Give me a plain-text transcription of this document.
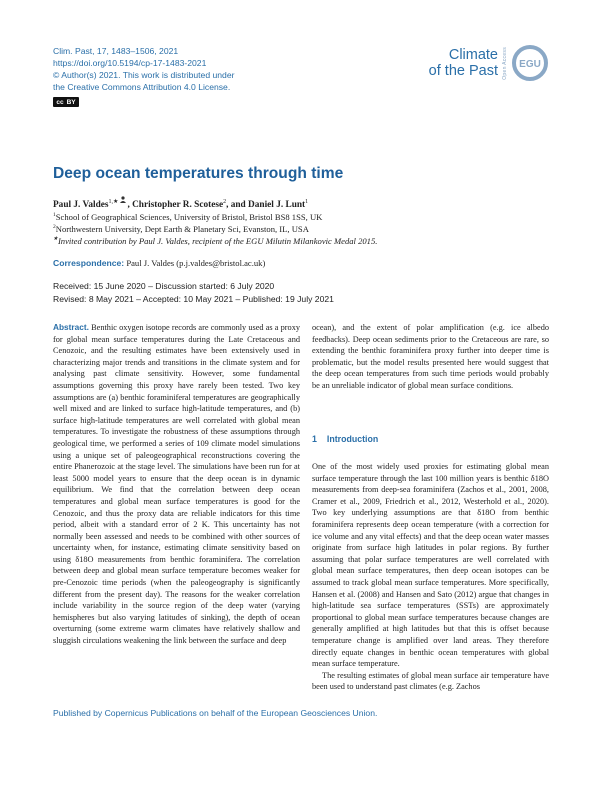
Clim. Past, 17, 1483–1506, 2021
https://doi.org/10.5194/cp-17-1483-2021
© Author(s) 2021. This work is distributed under
the Creative Commons Attribution 4.0 License.
cc BY
Climate
of the Past Open Access EGU
Deep ocean temperatures through time
Paul J. Valdes$^{1,★}$ , Christopher R. Scotese$^2$, and Daniel J. Lunt$^1$
$^1$School of Geographical Sciences, University of Bristol, Bristol BS8 1SS, UK
$^2$Northwestern University, Dept Earth & Planetary Sci, Evanston, IL, USA
★Invited contribution by Paul J. Valdes, recipient of the EGU Milutin Milankovic Medal 2015.
Correspondence: Paul J. Valdes (p.j.valdes@bristol.ac.uk)
Received: 15 June 2020 – Discussion started: 6 July 2020
Revised: 8 May 2021 – Accepted: 10 May 2021 – Published: 19 July 2021

Abstract. Benthic oxygen isotope records are commonly used as a proxy for global mean surface temperatures during the Late Cretaceous and Cenozoic, and the resulting estimates have been extensively used in characterizing major trends and transitions in the climate system and for analysing past climate sensitivity. However, some fundamental assumptions governing this proxy have rarely been tested. Two key assumptions are (a) benthic foraminiferal temperatures are geographically well mixed and are linked to surface high-latitude temperatures, and (b) surface high-latitude temperatures are well correlated with global mean temperatures. To investigate the robustness of these assumptions through geological time, we performed a series of 109 climate model simulations using a unique set of paleogeographical reconstructions covering the entire Phanerozoic at the stage level. The simulations have been run for at least 5000 model years to ensure that the deep ocean is in dynamic equilibrium. We find that the correlation between deep ocean temperatures and global mean surface temperatures is good for the Cenozoic, and thus the proxy data are reliable indicators for this time period, albeit with a standard error of 2 K. This uncertainty has not normally been assessed and needs to be combined with other sources of uncertainty when, for instance, estimating climate sensitivity based on using δ18O measurements from benthic foraminifera. The correlation between deep and global mean surface temperature becomes weaker for pre-Cenozoic time periods (when the paleogeography is significantly different from the present day). The reasons for the weaker correlation include variability in the source region of the deep water (varying hemispheres but also varying latitudes of sinking), the depth of ocean overturning (some extreme warm climates have relatively shallow and sluggish circulations weakening the link between the surface and deep

ocean), and the extent of polar amplification (e.g. ice albedo feedbacks). Deep ocean sediments prior to the Cretaceous are rare, so extending the benthic foraminifera proxy further into deeper time is problematic, but the model results presented here would suggest that the deep ocean temperatures from such time periods would probably be an unreliable indicator of global mean surface conditions.

1 Introduction

One of the most widely used proxies for estimating global mean surface temperature through the last 100 million years is benthic δ18O measurements from deep-sea foraminifera (Zachos et al., 2001, 2008, Cramer et al., 2009, Friedrich et al., 2012, Westerhold et al., 2020). Two key underlying assumptions are that δ18O from benthic foraminifera represents deep ocean temperature (with a correction for ice volume and any vital effects) and that the deep ocean water masses originate from surface high latitudes in polar regions. By further assuming that polar surface temperatures are well correlated with global mean surface temperatures, then deep ocean isotopes can be assumed to track global mean surface temperatures. More specifically, Hansen et al. (2008) and Hansen and Sato (2012) argue that changes in high-latitude sea surface temperatures (SSTs) are approximately proportional to global mean surface temperatures because changes are generally amplified at high latitudes but that this is offset because temperature change is amplified over land areas. They therefore directly equate changes in benthic ocean temperatures with global mean surface temperature.

The resulting estimates of global mean surface air temperature have been used to understand past climates (e.g. Zachos

Published by Copernicus Publications on behalf of the European Geosciences Union.
